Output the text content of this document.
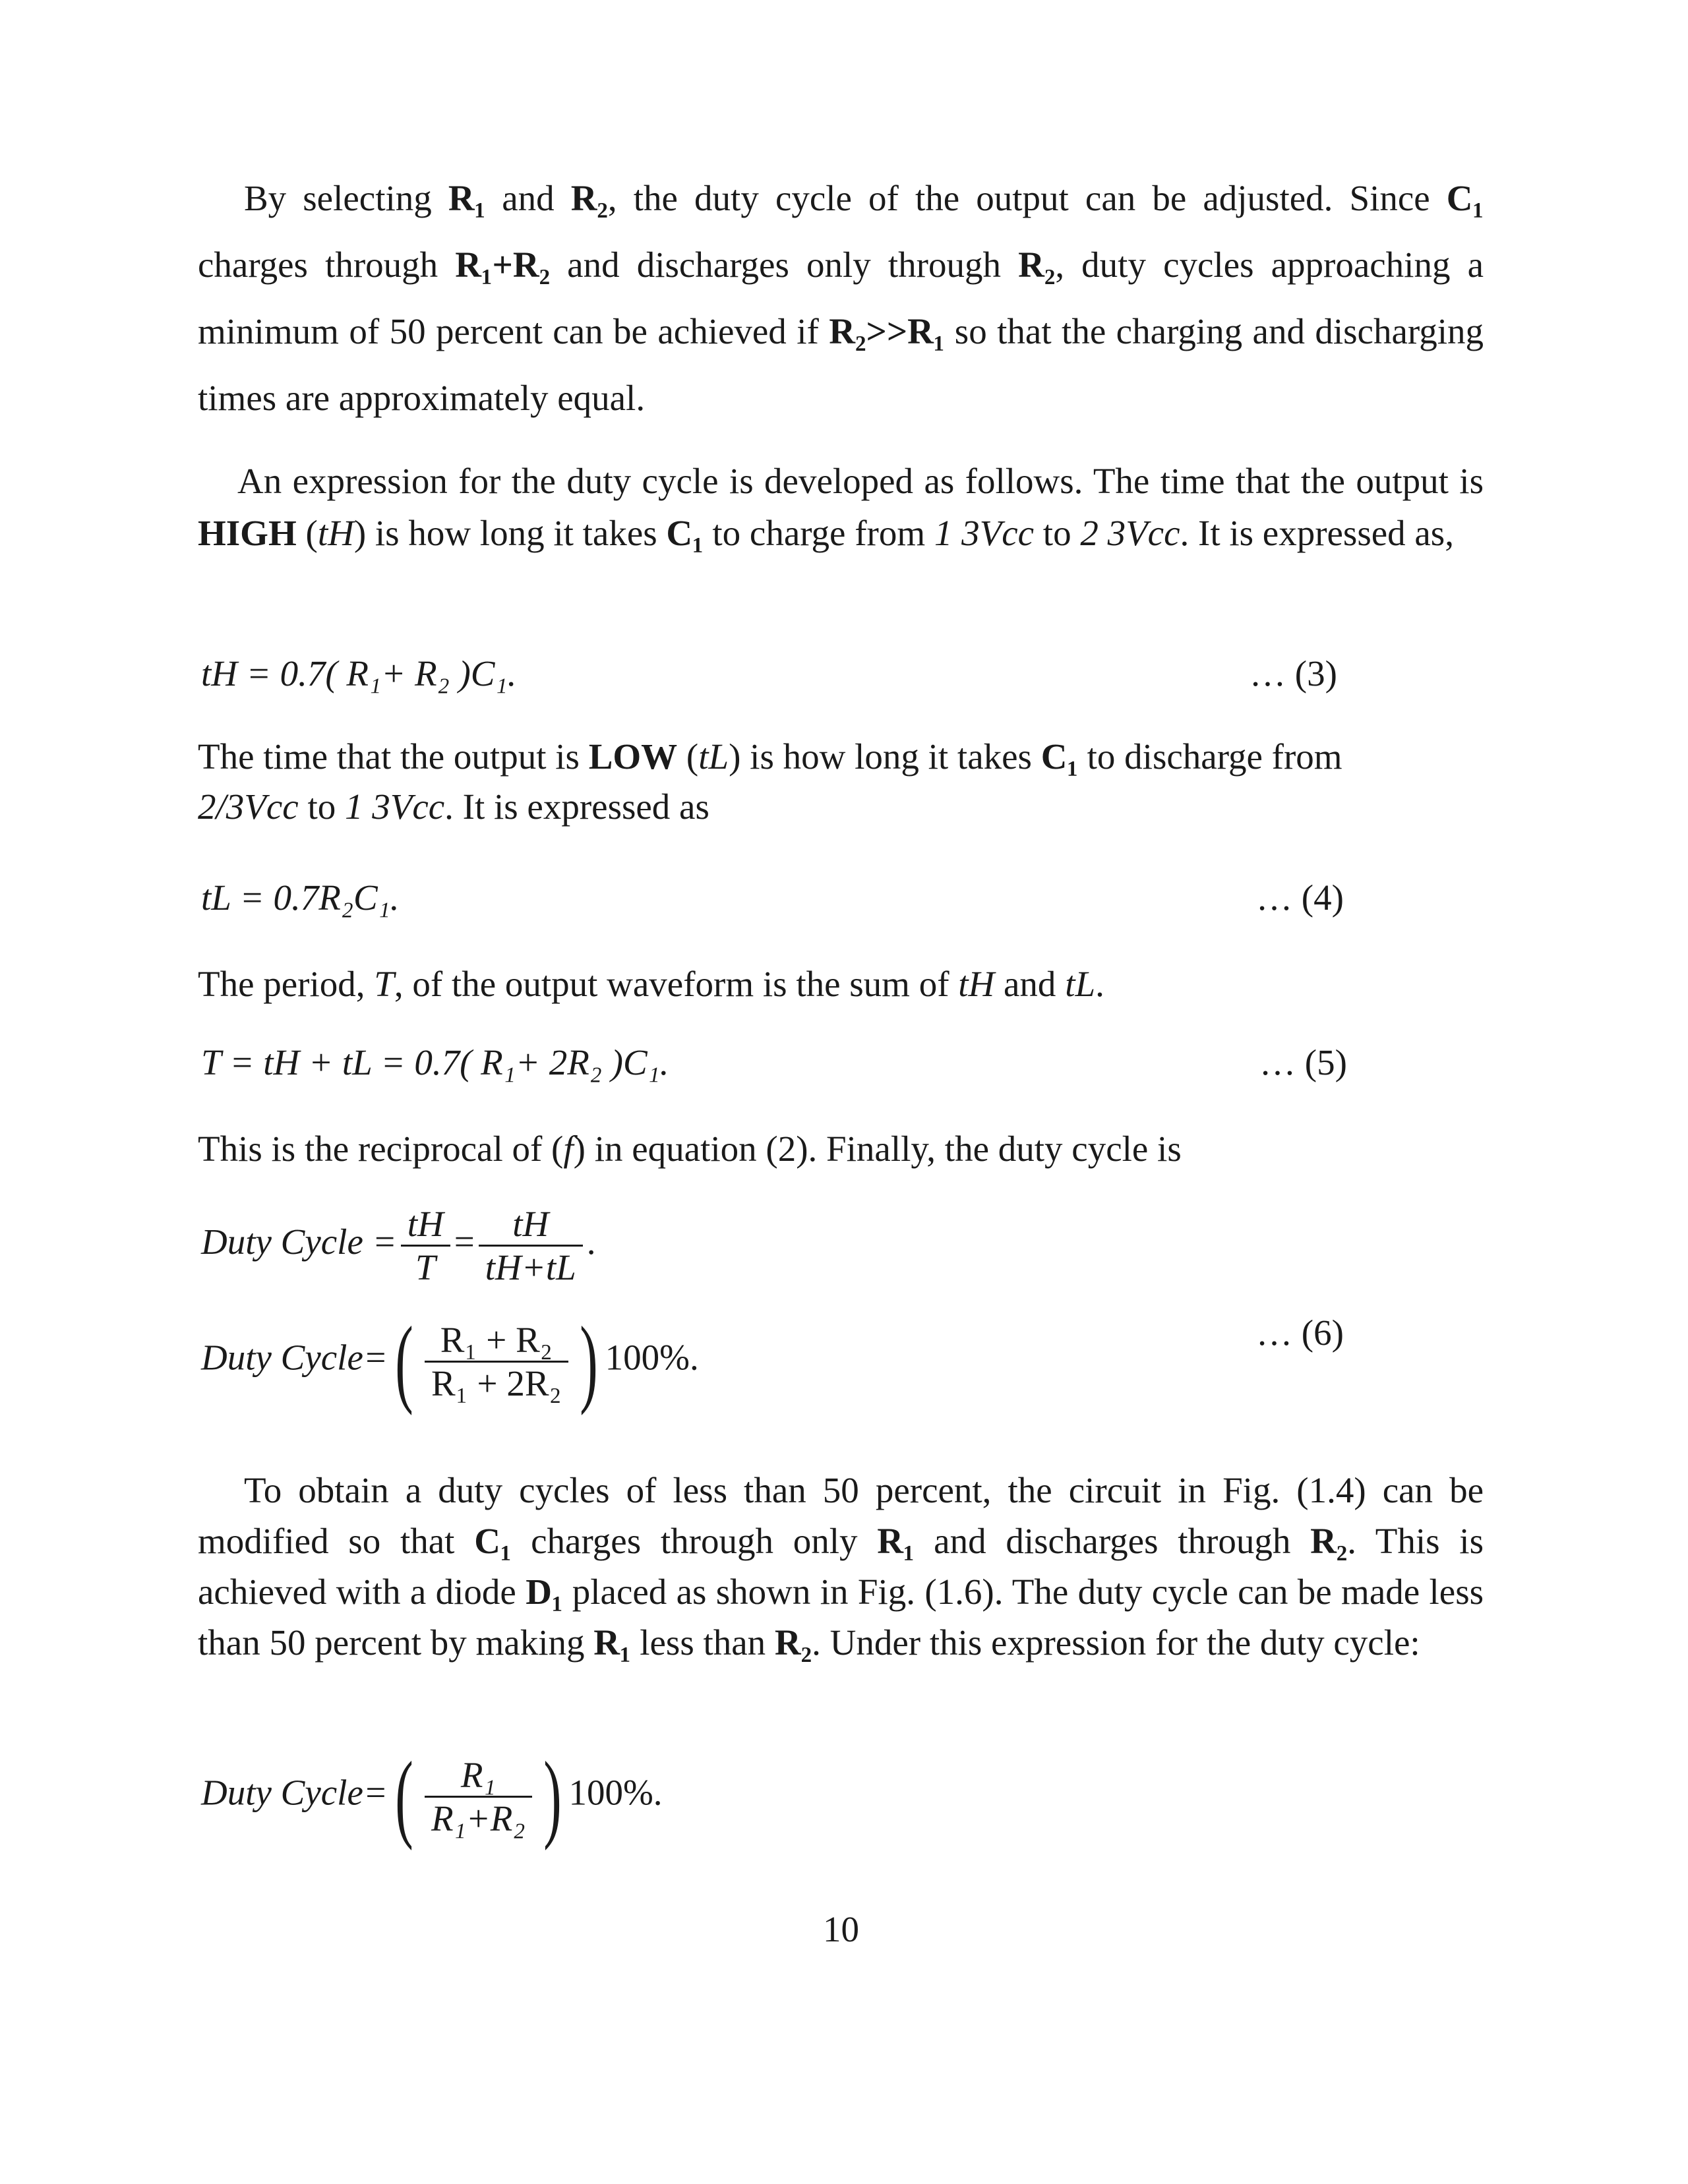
By selecting R₁ and R₂, the duty cycle of the output can be adjusted. Since C₁ charges through R₁+R₂ and discharges only through R₂, duty cycles approaching a minimum of 50 percent can be achieved if R₂>>R₁ so that the charging and discharging times are approximately equal.

An expression for the duty cycle is developed as follows. The time that the output is HIGH (tH) is how long it takes C₁ to charge from 1 3Vcc to 2 3Vcc. It is expressed as,

tH = 0.7( R₁+ R₂ )C₁.	… (3)

The time that the output is LOW (tL) is how long it takes C₁ to discharge from
2/3Vcc to 1 3Vcc. It is expressed as

tL = 0.7R₂C₁.	… (4)

The period, T, of the output waveform is the sum of tH and tL.

T = tH + tL = 0.7( R₁+ 2R₂ )C₁.	… (5)

This is the reciprocal of (f) in equation (2). Finally, the duty cycle is

Duty Cycle = $\frac{tH}{T} = \frac{tH}{tH+tL}$ .
Duty Cycle=( $\frac{\text{R₁ + R₂}}{\text{R₁ + 2R₂}}$ ) 100%.
… (6)

To obtain a duty cycles of less than 50 percent, the circuit in Fig. (1.4) can be modified so that C₁ charges through only R₁ and discharges through R₂. This is achieved with a diode D₁ placed as shown in Fig. (1.6). The duty cycle can be made less than 50 percent by making R₁ less than R₂. Under this expression for the duty cycle:

Duty Cycle=( $\frac{\text{R₁}}{\text{R₁+R₂}}$ ) 100%.
10
